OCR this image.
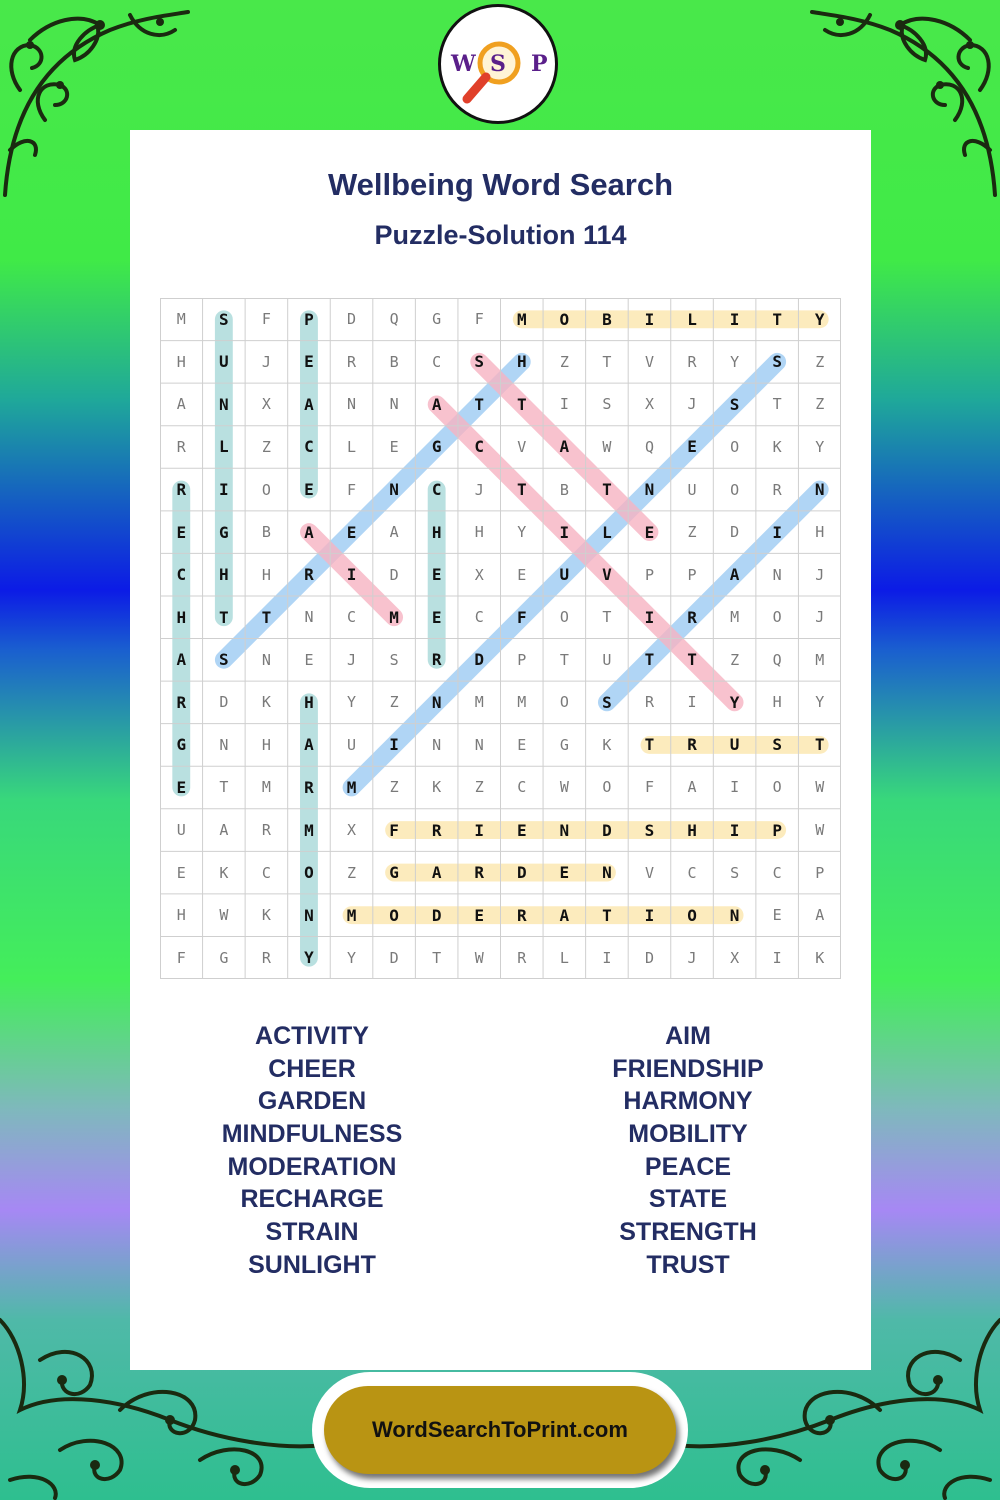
W S P
Wellbeing Word Search
Puzzle-Solution 114
M	S	F	P	D	Q	G	F	M	O	B	I	L	I	T	Y
H	U	J	E	R	B	C	S	H	Z	T	V	R	Y	S	Z
A	N	X	A	N	N	A	T	T	I	S	X	J	S	T	Z
R	L	Z	C	L	E	G	C	V	A	W	Q	E	O	K	Y
R	I	O	E	F	N	C	J	T	B	T	N	U	O	R	N
E	G	B	A	E	A	H	H	Y	I	L	E	Z	D	I	H
C	H	H	R	I	D	E	X	E	U	V	P	P	A	N	J
H	T	T	N	C	M	E	C	F	O	T	I	R	M	O	J
A	S	N	E	J	S	R	D	P	T	U	T	T	Z	Q	M
R	D	K	H	Y	Z	N	M	M	O	S	R	I	Y	H	Y
G	N	H	A	U	I	N	N	E	G	K	T	R	U	S	T
E	T	M	R	M	Z	K	Z	C	W	O	F	A	I	O	W
U	A	R	M	X	F	R	I	E	N	D	S	H	I	P	W
E	K	C	O	Z	G	A	R	D	E	N	V	C	S	C	P
H	W	K	N	M	O	D	E	R	A	T	I	O	N	E	A
F	G	R	Y	Y	D	T	W	R	L	I	D	J	X	I	K
ACTIVITY
CHEER
GARDEN
MINDFULNESS
MODERATION
RECHARGE
STRAIN
SUNLIGHT
AIM
FRIENDSHIP
HARMONY
MOBILITY
PEACE
STATE
STRENGTH
TRUST
WordSearchToPrint.com
